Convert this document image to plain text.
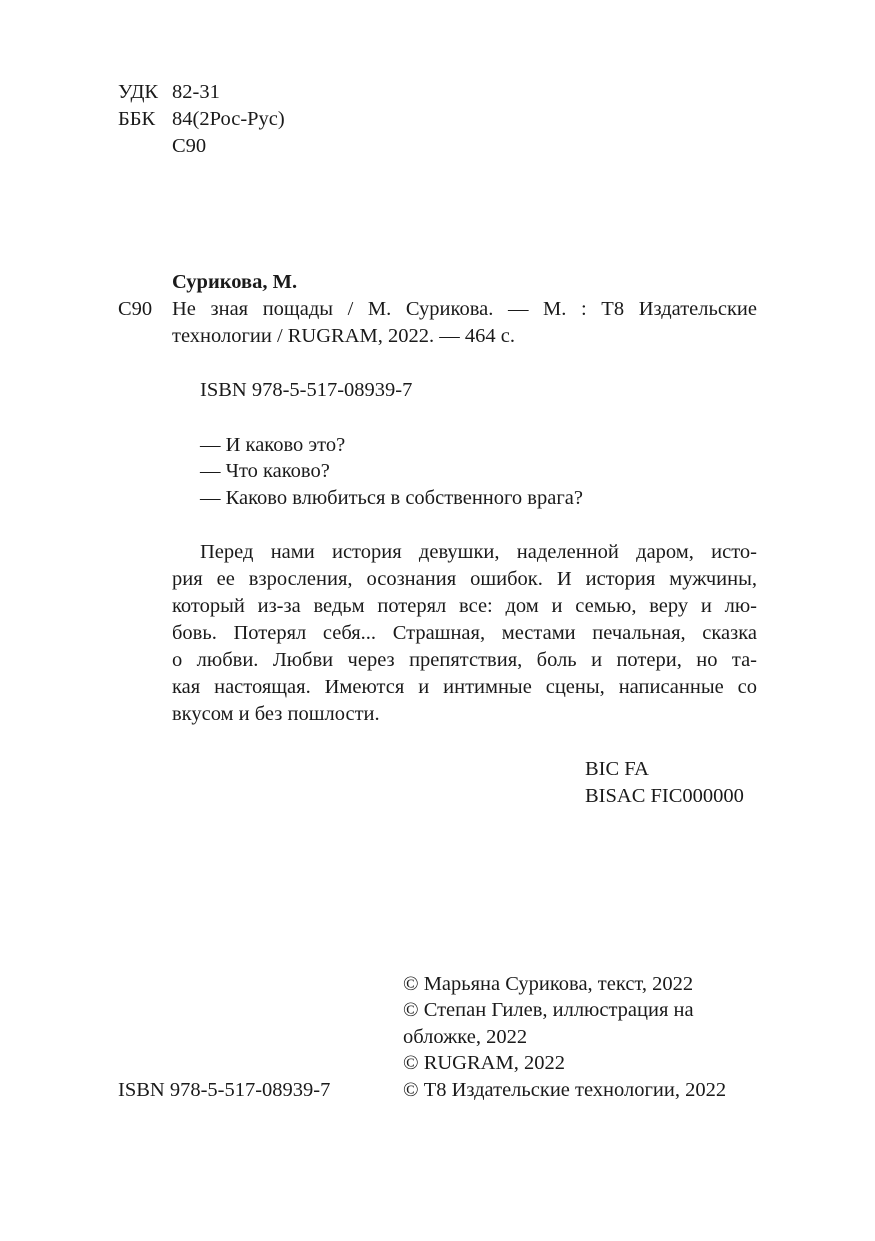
УДК 82-31
ББК 84(2Рос-Рус)
С90
Сурикова, М.
С90 Не зная пощады / М. Сурикова. — М. : Т8 Издательские
технологии / RUGRAM, 2022. — 464 с.
ISBN 978-5-517-08939-7
— И каково это?
— Что каково?
— Каково влюбиться в собственного врага?
Перед нами история девушки, наделенной даром, исто-
рия ее взросления, осознания ошибок. И история мужчины,
который из-за ведьм потерял все: дом и семью, веру и лю-
бовь. Потерял себя... Страшная, местами печальная, сказка
о любви. Любви через препятствия, боль и потери, но та-
кая настоящая. Имеются и интимные сцены, написанные со
вкусом и без пошлости.
BIC FA
BISAC FIC000000
© Марьяна Сурикова, текст, 2022
© Степан Гилев, иллюстрация на
обложке, 2022
© RUGRAM, 2022
ISBN 978-5-517-08939-7	© Т8 Издательские технологии, 2022
